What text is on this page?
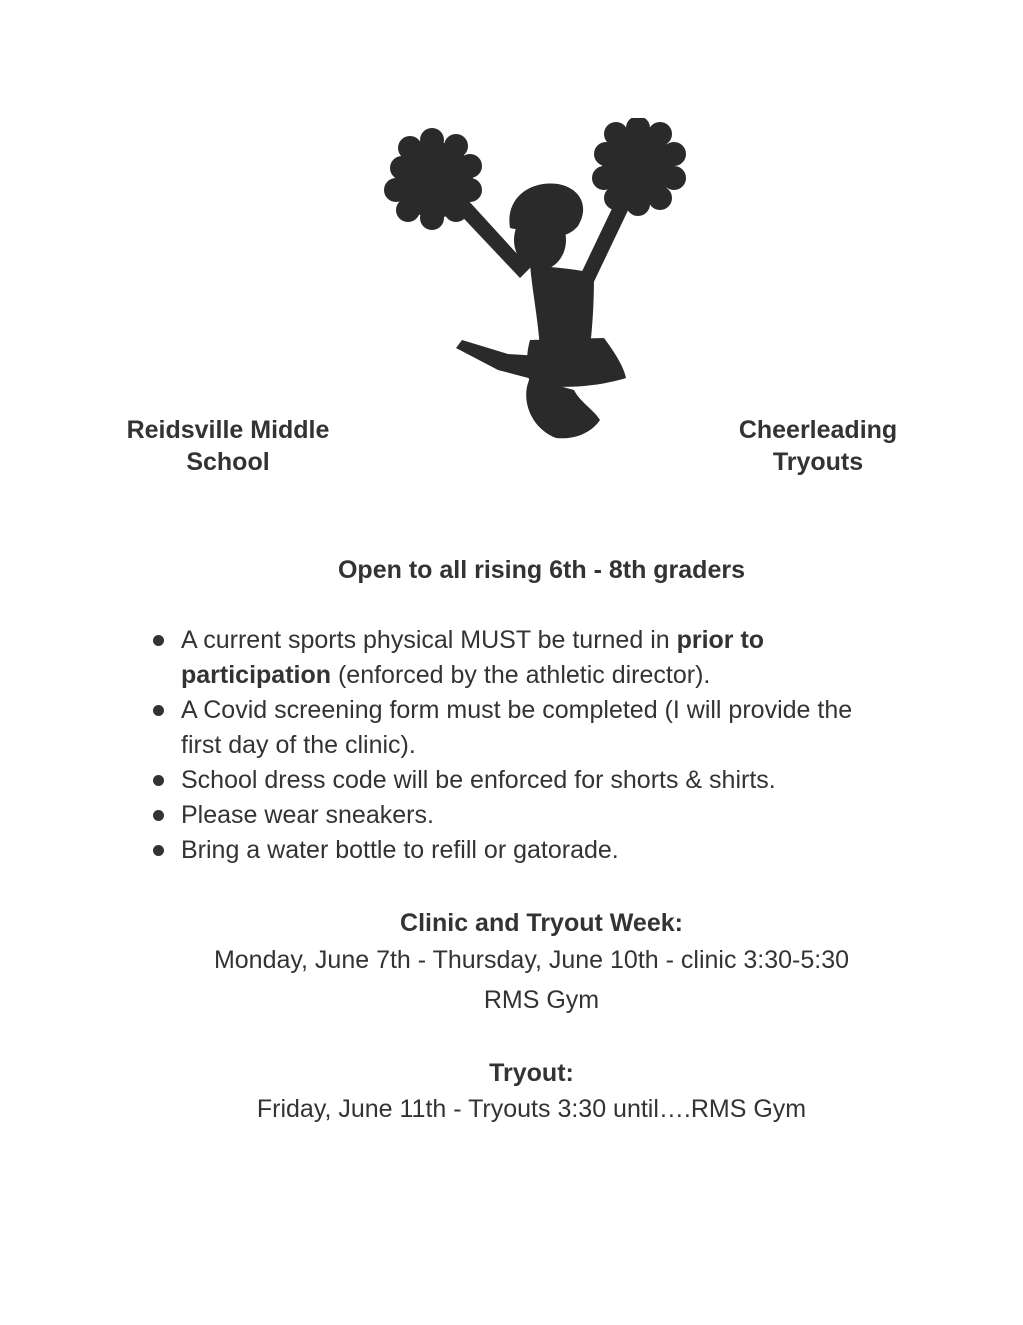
Reidsville Middle
School
Cheerleading
Tryouts
Open to all rising 6th - 8th graders
A current sports physical MUST be turned in prior to
participation (enforced by the athletic director).
A Covid screening form must be completed (I will provide the
first day of the clinic).
School dress code will be enforced for shorts & shirts.
Please wear sneakers.
Bring a water bottle to refill or gatorade.
Clinic and Tryout Week:
Monday, June 7th - Thursday, June 10th - clinic 3:30-5:30
RMS Gym
Tryout:
Friday, June 11th - Tryouts 3:30 until….RMS Gym
